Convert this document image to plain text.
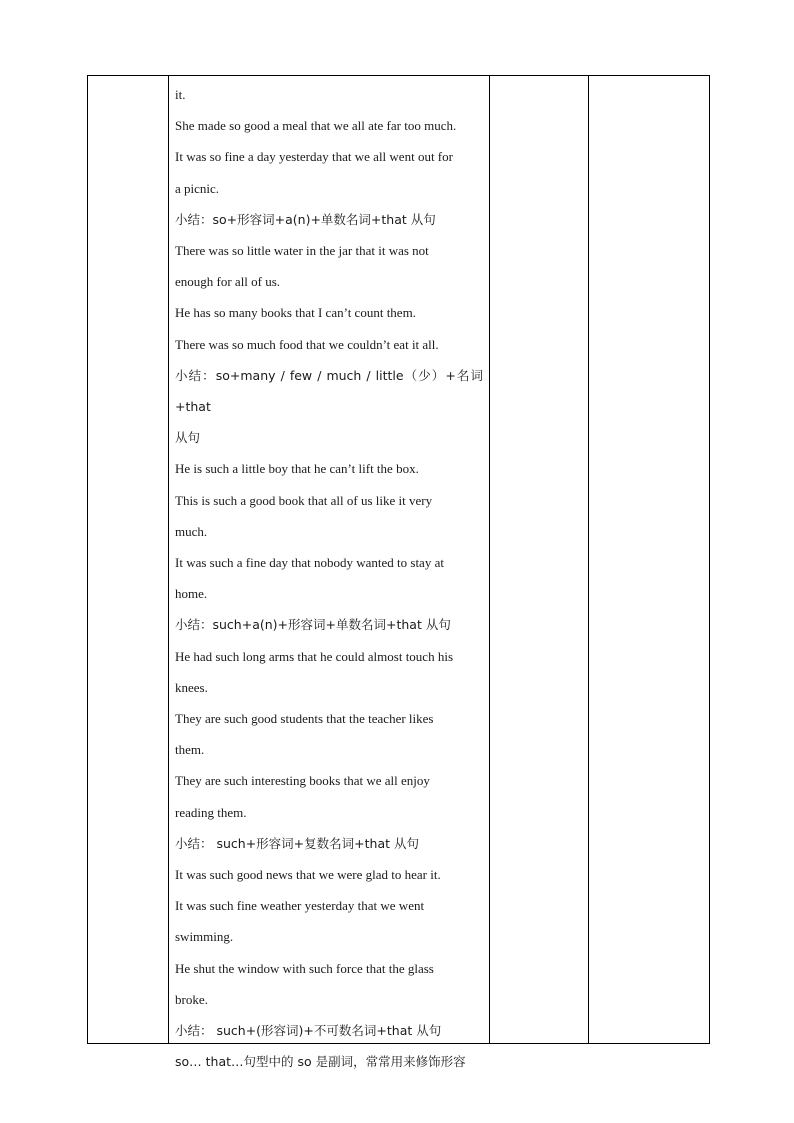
it.
She made so good a meal that we all ate far too much.
It was so fine a day yesterday that we all went out for
a picnic.
小结：so+形容词+a(n)+单数名词+that 从句
There was so little water in the jar that it was not
enough for all of us.
He has so many books that I can’t count them.
There was so much food that we couldn’t eat it all.
小结：so+many / few / much / little（少）+名词+that
从句
He is such a little boy that he can’t lift the box.
This is such a good book that all of us like it very
much.
It was such a fine day that nobody wanted to stay at
home.
小结：such+a(n)+形容词+单数名词+that 从句
He had such long arms that he could almost touch his
knees.
They are such good students that the teacher likes
them.
They are such interesting books that we all enjoy
reading them.
小结： such+形容词+复数名词+that 从句
It was such good news that we were glad to hear it.
It was such fine weather yesterday that we went
swimming.
He shut the window with such force that the glass
broke.
小结： such+(形容词)+不可数名词+that 从句
so… that…句型中的 so 是副词，常常用来修饰形容
